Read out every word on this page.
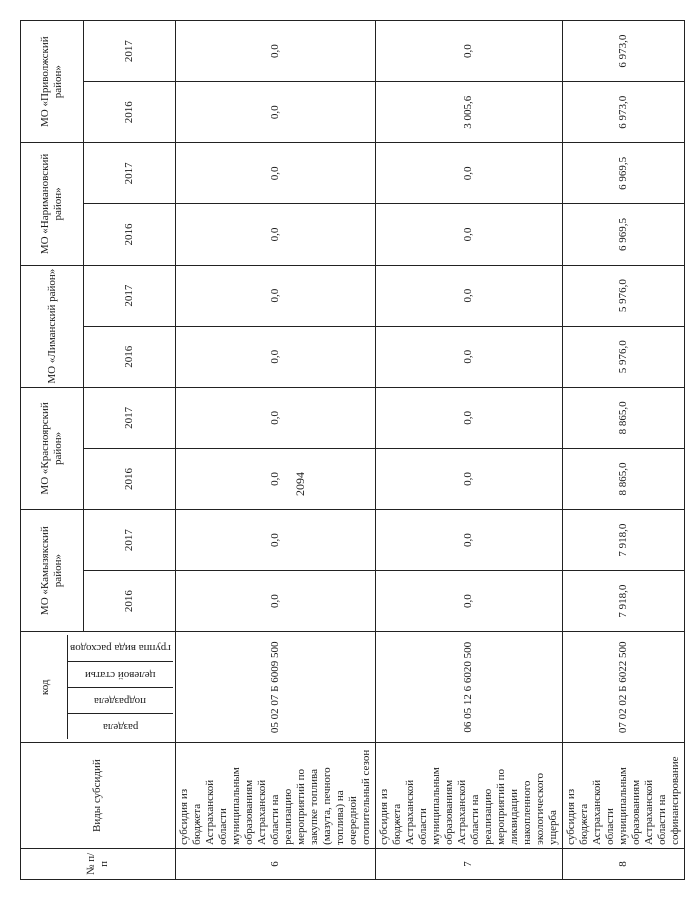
2094
№ п/п	Виды субсидий	
код

раздела

подраздела

целевой статьи

группа вида расходов
	МО «Камызякский район»	МО «Красноярский район»	МО «Лиманский район»	МО «Наримановский район»	МО «Приволжский район»
2016	2017	2016	2017	2016	2017	2016	2017	2016	2017
6	субсидия из бюджета Астраханской области муниципальным образованиям Астраханской области на реализацию мероприятий по закупке топлива (мазута, печного топлива) на очередной отопительный сезон	05 02 07 Б 6009 500	0,0	0,0	0,0	0,0	0,0	0,0	0,0	0,0	0,0	0,0
7	субсидия из бюджета Астраханской области муниципальным образованиям Астраханской области на реализацию мероприятий по ликвидации накопленного экологического ущерба	06 05 12 6 6020 500	0,0	0,0	0,0	0,0	0,0	0,0	0,0	0,0	3 005,6	0,0
8	субсидия из бюджета Астраханской области муниципальным образованиям Астраханской области на софинансирование	07 02 02 Б 6022 500	7 918,0	7 918,0	8 865,0	8 865,0	5 976,0	5 976,0	6 969,5	6 969,5	6 973,0	6 973,0
